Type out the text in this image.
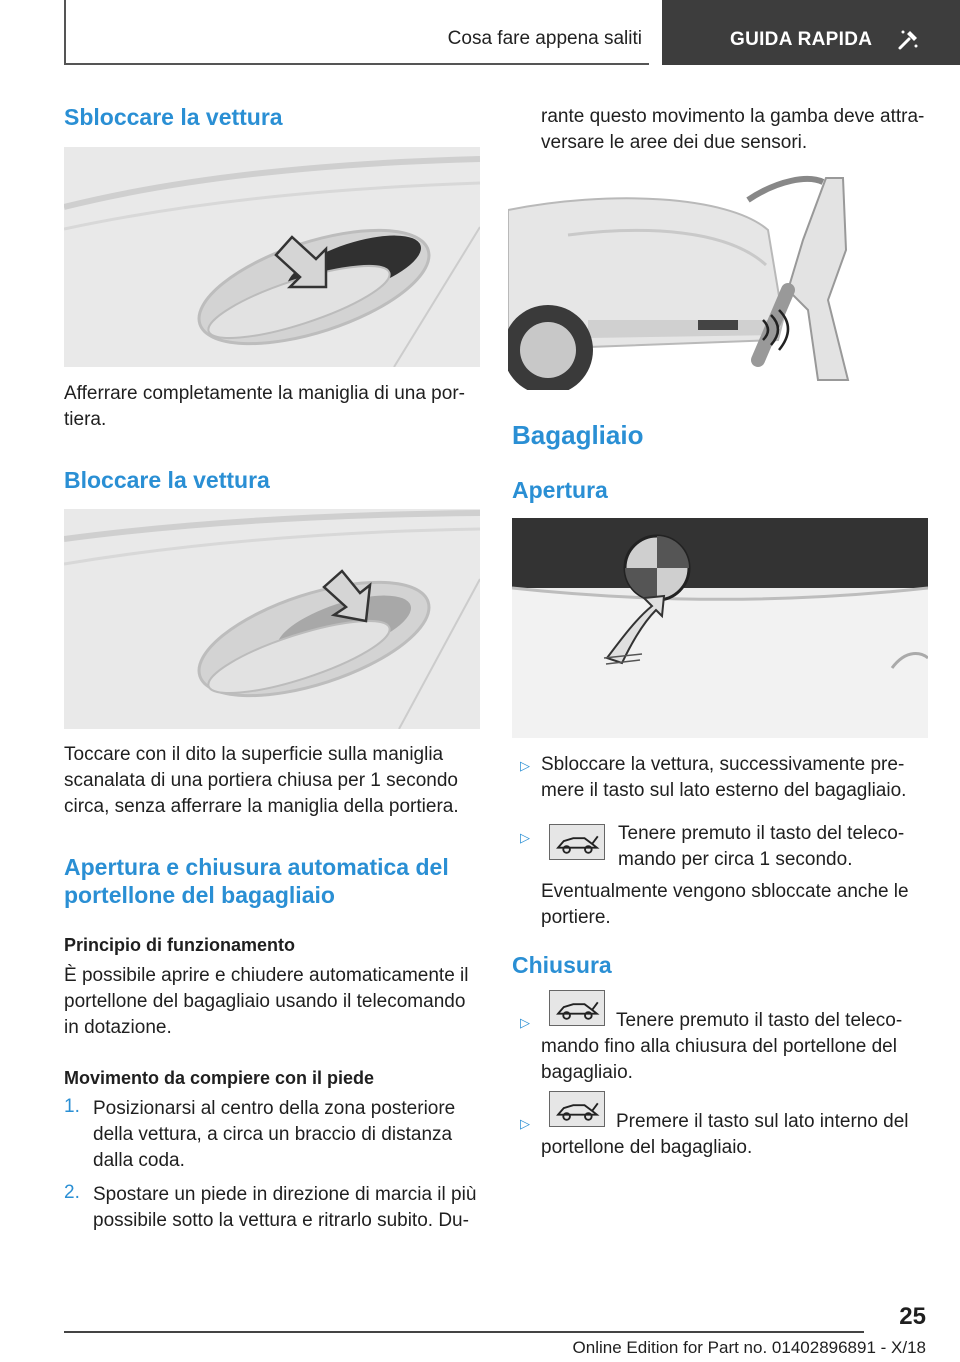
Cosa fare appena saliti	GUIDA RAPIDA
Sbloccare la vettura
Afferrare completamente la maniglia di una por-
tiera.
Bloccare la vettura
Toccare con il dito la superficie sulla maniglia
scanalata di una portiera chiusa per 1 secondo
circa, senza afferrare la maniglia della portiera.
Apertura e chiusura automatica del
portellone del bagagliaio
Principio di funzionamento
È possibile aprire e chiudere automaticamente il
portellone del bagagliaio usando il telecomando
in dotazione.
Movimento da compiere con il piede
1. Posizionarsi al centro della zona posteriore
della vettura, a circa un braccio di distanza
dalla coda.
2. Spostare un piede in direzione di marcia il più
possibile sotto la vettura e ritrarlo subito. Du-
rante questo movimento la gamba deve attra-
versare le aree dei due sensori.
Bagagliaio
Apertura
▷ Sbloccare la vettura, successivamente pre-
mere il tasto sul lato esterno del bagagliaio.
▷	Tenere premuto il tasto del teleco-
mando per circa 1 secondo.
Eventualmente vengono sbloccate anche le
portiere.
Chiusura
▷	Tenere premuto il tasto del teleco-
mando fino alla chiusura del portellone del
bagagliaio.
▷	Premere il tasto sul lato interno del
portellone del bagagliaio.
25
Online Edition for Part no. 01402896891 - X/18
